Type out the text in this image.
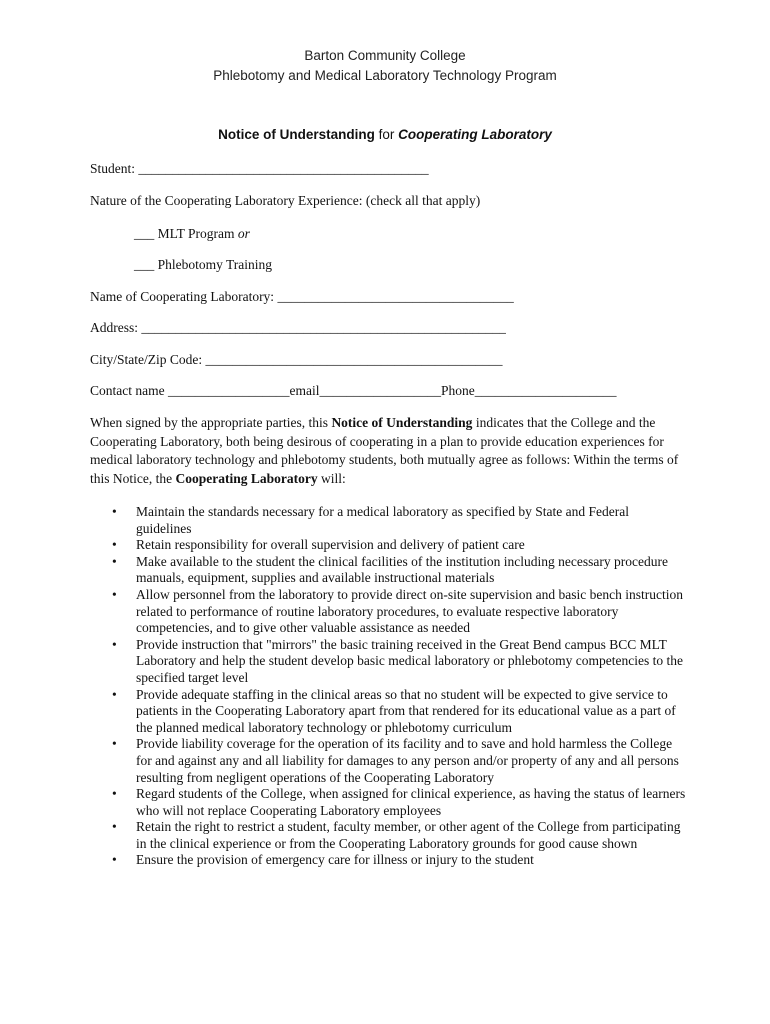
Barton Community College
Phlebotomy and Medical Laboratory Technology Program
Notice of Understanding for Cooperating Laboratory
Student: ___________________________________________
Nature of the Cooperating Laboratory Experience: (check all that apply)
___ MLT Program or
___ Phlebotomy Training
Name of Cooperating Laboratory: ___________________________________
Address: ______________________________________________________
City/State/Zip Code: ____________________________________________
Contact name __________________email__________________Phone_____________________
When signed by the appropriate parties, this Notice of Understanding indicates that the College and the Cooperating Laboratory, both being desirous of cooperating in a plan to provide education experiences for medical laboratory technology and phlebotomy students, both mutually agree as follows: Within the terms of this Notice, the Cooperating Laboratory will:
• Maintain the standards necessary for a medical laboratory as specified by State and Federal guidelines
• Retain responsibility for overall supervision and delivery of patient care
• Make available to the student the clinical facilities of the institution including necessary procedure manuals, equipment, supplies and available instructional materials
• Allow personnel from the laboratory to provide direct on-site supervision and basic bench instruction related to performance of routine laboratory procedures, to evaluate respective laboratory competencies, and to give other valuable assistance as needed
• Provide instruction that "mirrors" the basic training received in the Great Bend campus BCC MLT Laboratory and help the student develop basic medical laboratory or phlebotomy competencies to the specified target level
• Provide adequate staffing in the clinical areas so that no student will be expected to give service to patients in the Cooperating Laboratory apart from that rendered for its educational value as a part of the planned medical laboratory technology or phlebotomy curriculum
• Provide liability coverage for the operation of its facility and to save and hold harmless the College for and against any and all liability for damages to any person and/or property of any and all persons resulting from negligent operations of the Cooperating Laboratory
• Regard students of the College, when assigned for clinical experience, as having the status of learners who will not replace Cooperating Laboratory employees
• Retain the right to restrict a student, faculty member, or other agent of the College from participating in the clinical experience or from the Cooperating Laboratory grounds for good cause shown
• Ensure the provision of emergency care for illness or injury to the student
